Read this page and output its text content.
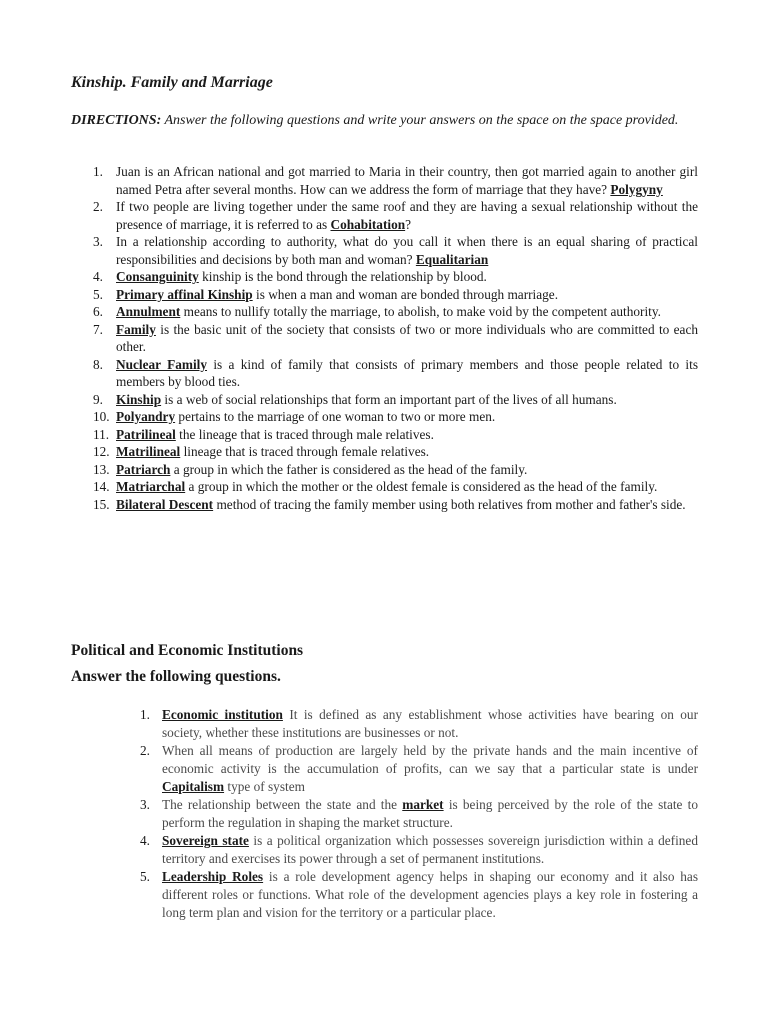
Kinship. Family and Marriage

DIRECTIONS: Answer the following questions and write your answers on the space on the space provided.

1. Juan is an African national and got married to Maria in their country, then got married again to another girl named Petra after several months. How can we address the form of marriage that they have? Polygyny
2. If two people are living together under the same roof and they are having a sexual relationship without the presence of marriage, it is referred to as Cohabitation?
3. In a relationship according to authority, what do you call it when there is an equal sharing of practical responsibilities and decisions by both man and woman? Equalitarian
4. Consanguinity kinship is the bond through the relationship by blood.
5. Primary affinal Kinship is when a man and woman are bonded through marriage.
6. Annulment means to nullify totally the marriage, to abolish, to make void by the competent authority.
7. Family is the basic unit of the society that consists of two or more individuals who are committed to each other.
8. Nuclear Family is a kind of family that consists of primary members and those people related to its members by blood ties.
9. Kinship is a web of social relationships that form an important part of the lives of all humans.
10. Polyandry pertains to the marriage of one woman to two or more men.
11. Patrilineal the lineage that is traced through male relatives.
12. Matrilineal lineage that is traced through female relatives.
13. Patriarch a group in which the father is considered as the head of the family.
14. Matriarchal a group in which the mother or the oldest female is considered as the head of the family.
15. Bilateral Descent method of tracing the family member using both relatives from mother and father's side.
Political and Economic Institutions
Answer the following questions.
1. Economic institution It is defined as any establishment whose activities have bearing on our society, whether these institutions are businesses or not.
2. When all means of production are largely held by the private hands and the main incentive of economic activity is the accumulation of profits, can we say that a particular state is under Capitalism type of system
3. The relationship between the state and the market is being perceived by the role of the state to perform the regulation in shaping the market structure.
4. Sovereign state is a political organization which possesses sovereign jurisdiction within a defined territory and exercises its power through a set of permanent institutions.
5. Leadership Roles is a role development agency helps in shaping our economy and it also has different roles or functions. What role of the development agencies plays a key role in fostering a long term plan and vision for the territory or a particular place.
